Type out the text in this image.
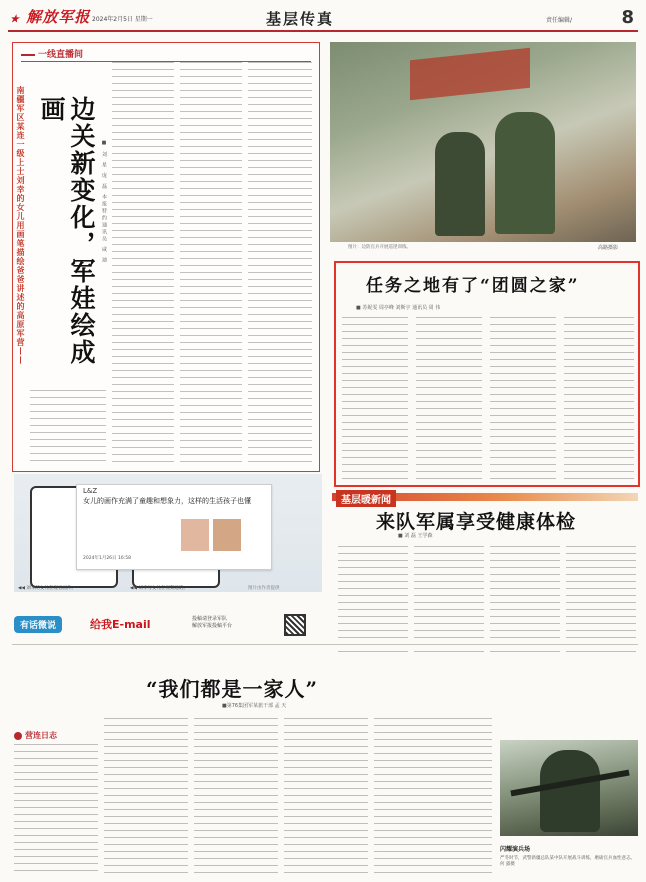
★ 解放军报 2024年2月5日 星期一	基层传真	责任编辑/	8
一线直播间
南疆军区某连一级上士刘幸的女儿用画笔描绘爸爸讲述的高原军营——	边关新变化，军娃绘成画
■ 刘 星 庞 磊 本报特约通讯员 咸 迪	图片：边防官兵开展巡逻训练。	高路摄影
任务之地有了“团圆之家”
■ 苏妮雯 周亭峰 刘斯宇 通讯员 周 伟
基层暖新闻
来队军属享受健康体检
■ 刘 磊 王学森
L&Z
女儿的画作充满了童趣和想象力，这样的生活孩子也懂
2024年1月26日 16:58
◀◀ 刘幸的女儿在观看画作。	◀◀ 刘幸与女儿在视频通话。	图片由作者提供
有话微说	给我E-mail	投稿请登录军队
解放军报投稿平台
“我们都是一家人”
■第76集团军某旅干部 孟 天
营连日志
闪耀演兵场
严冬时节，武警新疆总队某中队开展战斗训练，磨砺官兵血性意志。 何 露摄
